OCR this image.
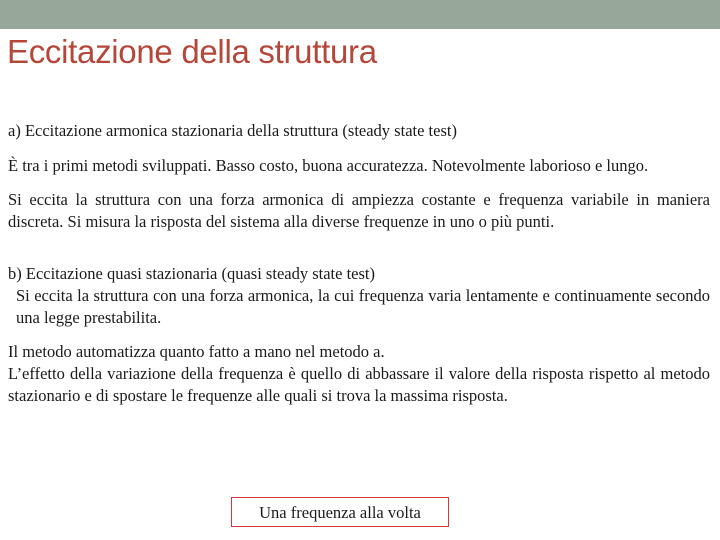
Eccitazione della struttura

a) Eccitazione armonica stazionaria della struttura (steady state test)

È tra i primi metodi sviluppati. Basso costo, buona accuratezza. Notevolmente laborioso e lungo.

Si eccita la struttura con una forza armonica di ampiezza costante e frequenza variabile in maniera discreta. Si misura la risposta del sistema alla diverse frequenze in uno o più punti.

b) Eccitazione quasi stazionaria (quasi steady state test)

Si eccita la struttura con una forza armonica, la cui frequenza varia lentamente e continuamente secondo una legge prestabilita.

Il metodo automatizza quanto fatto a mano nel metodo a.

L’effetto della variazione della frequenza è quello di abbassare il valore della risposta rispetto al metodo stazionario e di spostare le frequenze alle quali si trova la massima risposta.

Una frequenza alla volta
